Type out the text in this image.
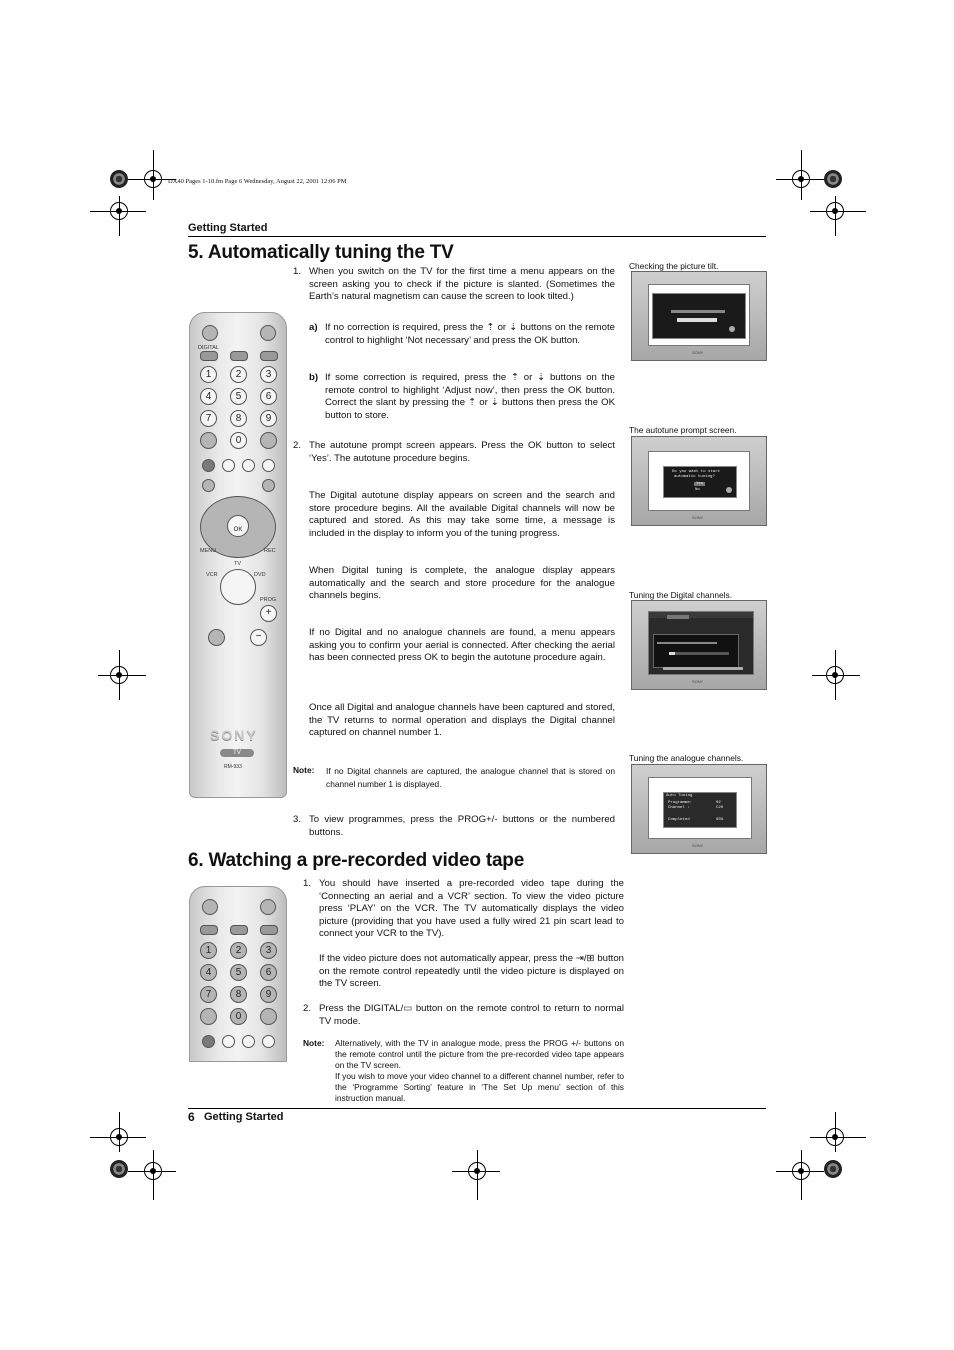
DX40 Pages 1-10.fm Page 6 Wednesday, August 22, 2001 12:06 PM
Getting Started
5. Automatically tuning the TV
1. When you switch on the TV for the first time a menu appears on the screen asking you to check if the picture is slanted. (Sometimes the Earth’s natural magnetism can cause the screen to look tilted.)
a) If no correction is required, press the ⇡ or ⇣ buttons on the remote control to highlight ‘Not necessary’ and press the OK button.
b) If some correction is required, press the ⇡ or ⇣ buttons on the remote control to highlight ‘Adjust now’, then press the OK button. Correct the slant by pressing the ⇡ or ⇣ buttons then press the OK button to store.
2. The autotune prompt screen appears. Press the OK button to select ‘Yes’. The autotune procedure begins.
The Digital autotune display appears on screen and the search and store procedure begins. All the available Digital channels will now be captured and stored. As this may take some time, a message is included in the display to inform you of the tuning progress.
When Digital tuning is complete, the analogue display appears automatically and the search and store procedure for the analogue channels begins.
If no Digital and no analogue channels are found, a menu appears asking you to confirm your aerial is connected. After checking the aerial has been connected press OK to begin the autotune procedure again.
Once all Digital and analogue channels have been captured and stored, the TV returns to normal operation and displays the Digital channel captured on channel number 1.
Note: If no Digital channels are captured, the analogue channel that is stored on channel number 1 is displayed.
3. To view programmes, press the PROG+/- buttons or the numbered buttons.
Checking the picture tilt.
The autotune prompt screen.
Tuning the Digital channels.
Tuning the analogue channels.
SONY
Do you want to start
automatic tuning?
Yes
No
SONY
SONY
Auto Tuning
Programme:	02
Channel :	C20
Completed	95%
SONY
DIGITAL
1	2	3
4	5	6
7	8	9
0
OK
MENU	REC
TV
VCR	DVD
PROG
+
−
SONY
TV
RM-933
6. Watching a pre-recorded video tape
1	2	3
4	5	6
7	8	9
0
1. You should have inserted a pre-recorded video tape during the ‘Connecting an aerial and a VCR’ section. To view the video picture press ‘PLAY’ on the VCR. The TV automatically displays the video picture (providing that you have used a fully wired 21 pin scart lead to connect your VCR to the TV).
If the video picture does not automatically appear, press the ⇥/⊞ button on the remote control repeatedly until the video picture is displayed on the TV screen.
2. Press the DIGITAL/▭ button on the remote control to return to normal TV mode.
Note: Alternatively, with the TV in analogue mode, press the PROG +/- buttons on the remote control until the picture from the pre-recorded video tape appears on the TV screen.
If you wish to move your video channel to a different channel number, refer to the ‘Programme Sorting’ feature in ‘The Set Up menu’ section of this instruction manual.
6 Getting Started
